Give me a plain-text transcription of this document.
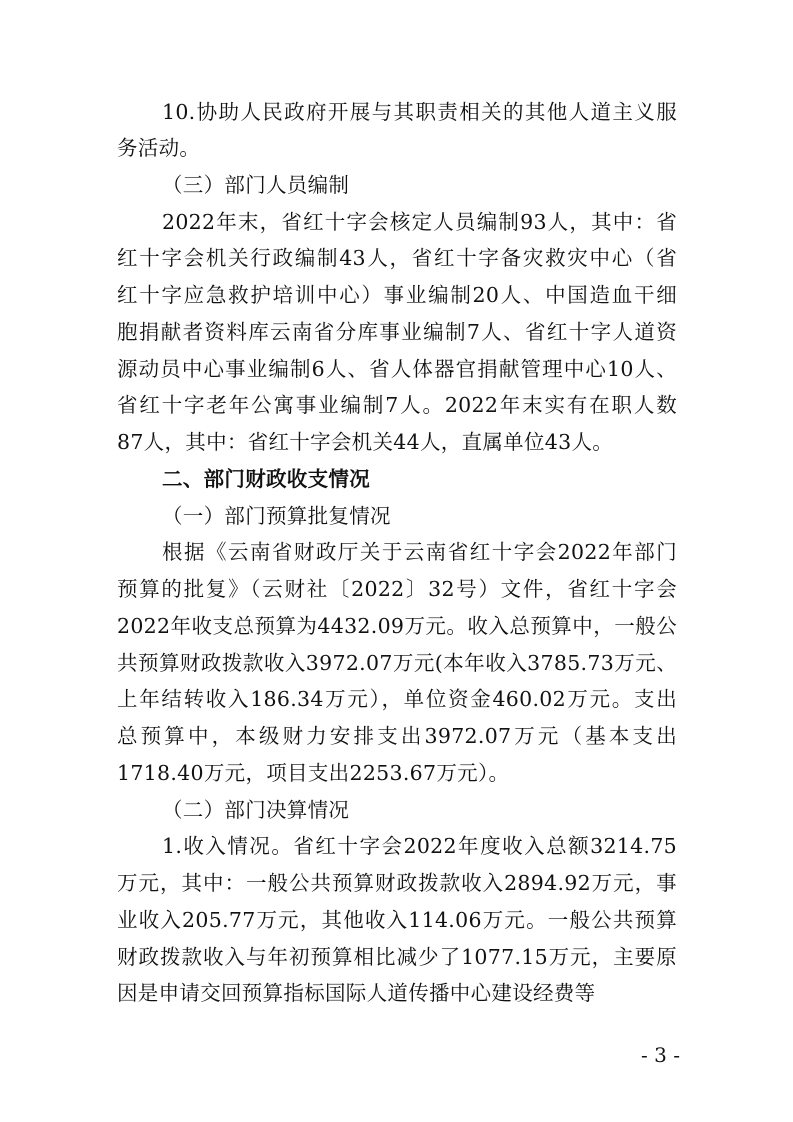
10.协助人民政府开展与其职责相关的其他人道主义服
务活动。
（三）部门人员编制
2022年末，省红十字会核定人员编制93人，其中：省
红十字会机关行政编制43人，省红十字备灾救灾中心（省
红十字应急救护培训中心）事业编制20人、中国造血干细
胞捐献者资料库云南省分库事业编制7人、省红十字人道资
源动员中心事业编制6人、省人体器官捐献管理中心10人、
省红十字老年公寓事业编制7人。2022年末实有在职人数
87人，其中：省红十字会机关44人，直属单位43人。
二、部门财政收支情况
（一）部门预算批复情况
根据《云南省财政厅关于云南省红十字会2022年部门
预算的批复》（云财社〔2022〕32号）文件，省红十字会
2022年收支总预算为4432.09万元。收入总预算中，一般公
共预算财政拨款收入3972.07万元(本年收入3785.73万元、
上年结转收入186.34万元），单位资金460.02万元。支出
总预算中，本级财力安排支出3972.07万元（基本支出
1718.40万元，项目支出2253.67万元）。
（二）部门决算情况
1.收入情况。省红十字会2022年度收入总额3214.75
万元，其中：一般公共预算财政拨款收入2894.92万元，事
业收入205.77万元，其他收入114.06万元。一般公共预算
财政拨款收入与年初预算相比减少了1077.15万元，主要原
因是申请交回预算指标国际人道传播中心建设经费等
- 3 -
